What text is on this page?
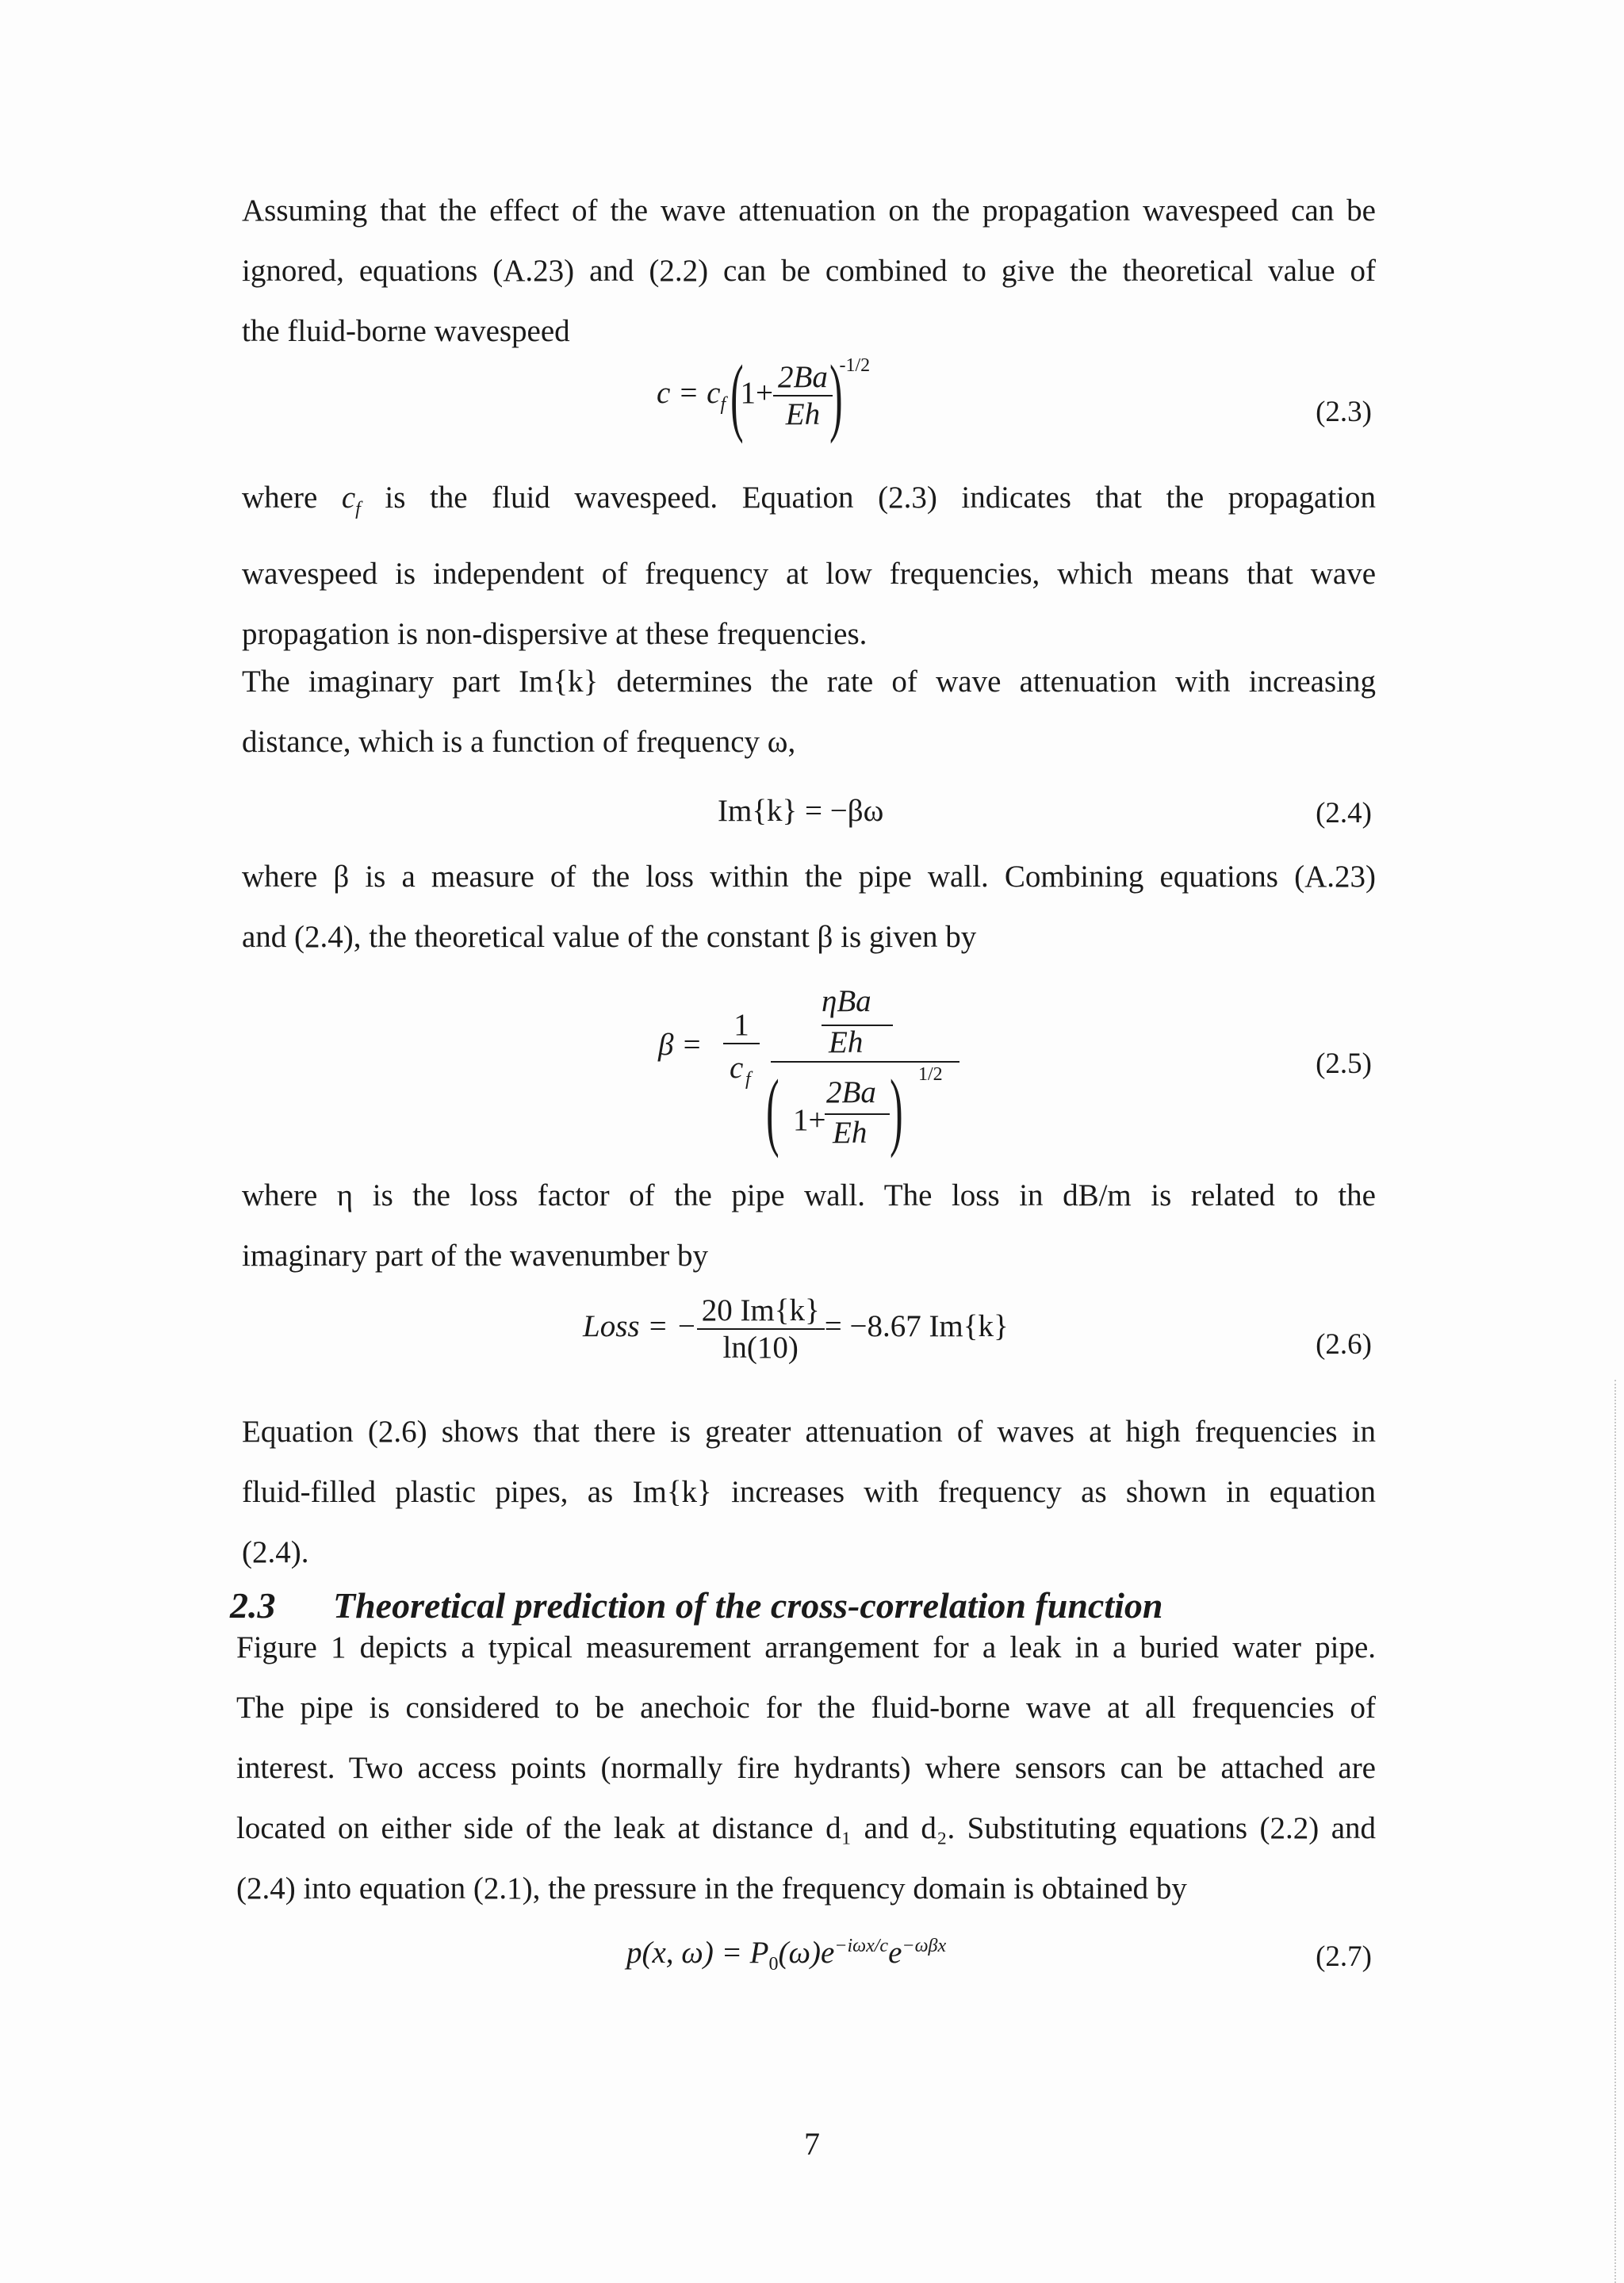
Assuming that the effect of the wave attenuation on the propagation wavespeed can be
ignored, equations (A.23) and (2.2) can be combined to give the theoretical value of
the fluid-borne wavespeed
$c = c_f$ ($1+ \frac{2Ba}{Eh}$
)$^{-1/2}$
(2.3)
where $c_f$ is the fluid wavespeed. Equation (2.3) indicates that the propagation
wavespeed is independent of frequency at low frequencies, which means that wave
propagation is non-dispersive at these frequencies.
The imaginary part Im{k} determines the rate of wave attenuation with increasing
distance, which is a function of frequency ω,
Im{k} = −βω	(2.4)
where β is a measure of the loss within the pipe wall. Combining equations (A.23)
and (2.4), the theoretical value of the constant β is given by
β =
1
c f
ηBa
Eh
( 1+
2Ba
Eh ) 1/2	(2.5)
where η is the loss factor of the pipe wall. The loss in dB/m is related to the
imaginary part of the wavenumber by
Loss = − $\frac{20 Im\{k\}}{\ln(10)} = -8.67$ Im{k}
(2.6)
Equation (2.6) shows that there is greater attenuation of waves at high frequencies in
fluid-filled plastic pipes, as Im{k} increases with frequency as shown in equation
(2.4).
2.3 Theoretical prediction of the cross-correlation function
Figure 1 depicts a typical measurement arrangement for a leak in a buried water pipe.
The pipe is considered to be anechoic for the fluid-borne wave at all frequencies of
interest. Two access points (normally fire hydrants) where sensors can be attached are
located on either side of the leak at distance d₁ and d₂. Substituting equations (2.2) and
(2.4) into equation (2.1), the pressure in the frequency domain is obtained by
p(x, $\omega) = P_0(\omega)e^{-i\omega x/c}e^{-\omega\beta x}$	(2.7)
7
